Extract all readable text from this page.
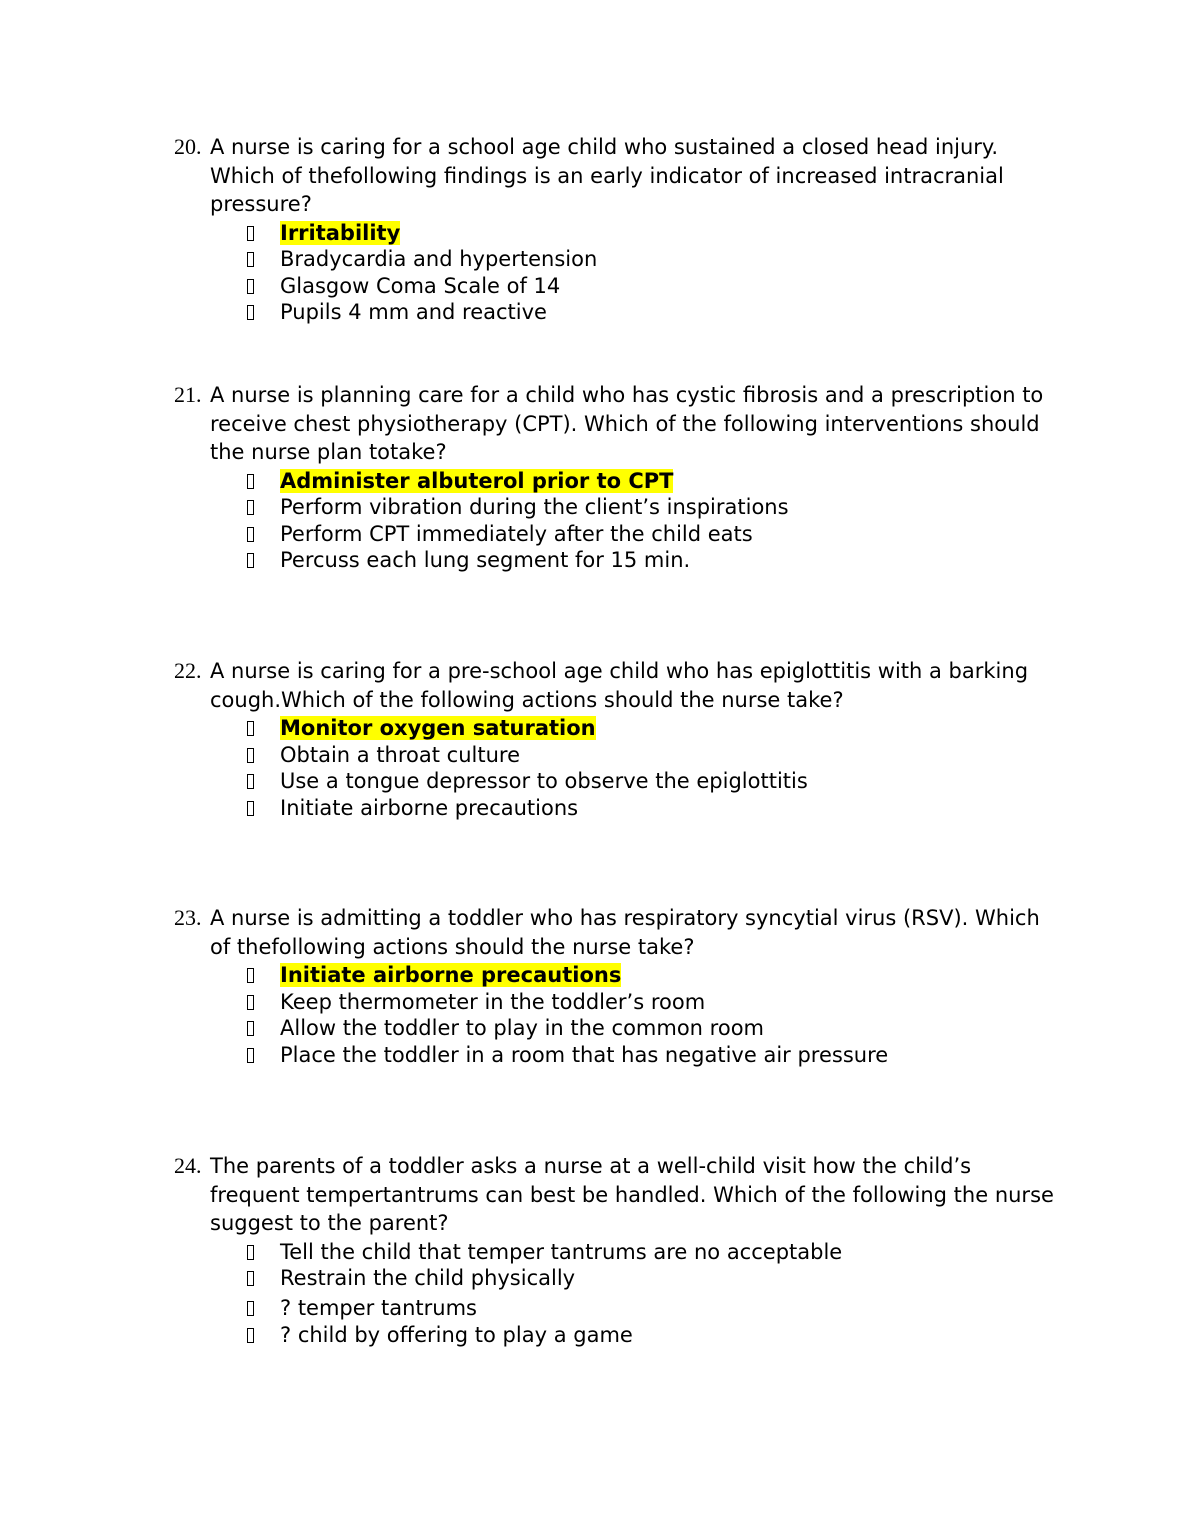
20. A nurse is caring for a school age child who sustained a closed head injury. Which of thefollowing findings is an early indicator of increased intracranial pressure?
Irritability
Bradycardia and hypertension
Glasgow Coma Scale of 14
Pupils 4 mm and reactive
21. A nurse is planning care for a child who has cystic fibrosis and a prescription to receive chest physiotherapy (CPT). Which of the following interventions should the nurse plan totake?
Administer albuterol prior to CPT
Perform vibration during the client’s inspirations
Perform CPT immediately after the child eats
Percuss each lung segment for 15 min.
22. A nurse is caring for a pre-school age child who has epiglottitis with a barking cough.Which of the following actions should the nurse take?
Monitor oxygen saturation
Obtain a throat culture
Use a tongue depressor to observe the epiglottitis
Initiate airborne precautions
23. A nurse is admitting a toddler who has respiratory syncytial virus (RSV). Which of thefollowing actions should the nurse take?
Initiate airborne precautions
Keep thermometer in the toddler’s room
Allow the toddler to play in the common room
Place the toddler in a room that has negative air pressure
24. The parents of a toddler asks a nurse at a well-child visit how the child’s frequent tempertantrums can best be handled. Which of the following the nurse suggest to the parent?
Tell the child that temper tantrums are no acceptable
Restrain the child physically
? temper tantrums
? child by offering to play a game
